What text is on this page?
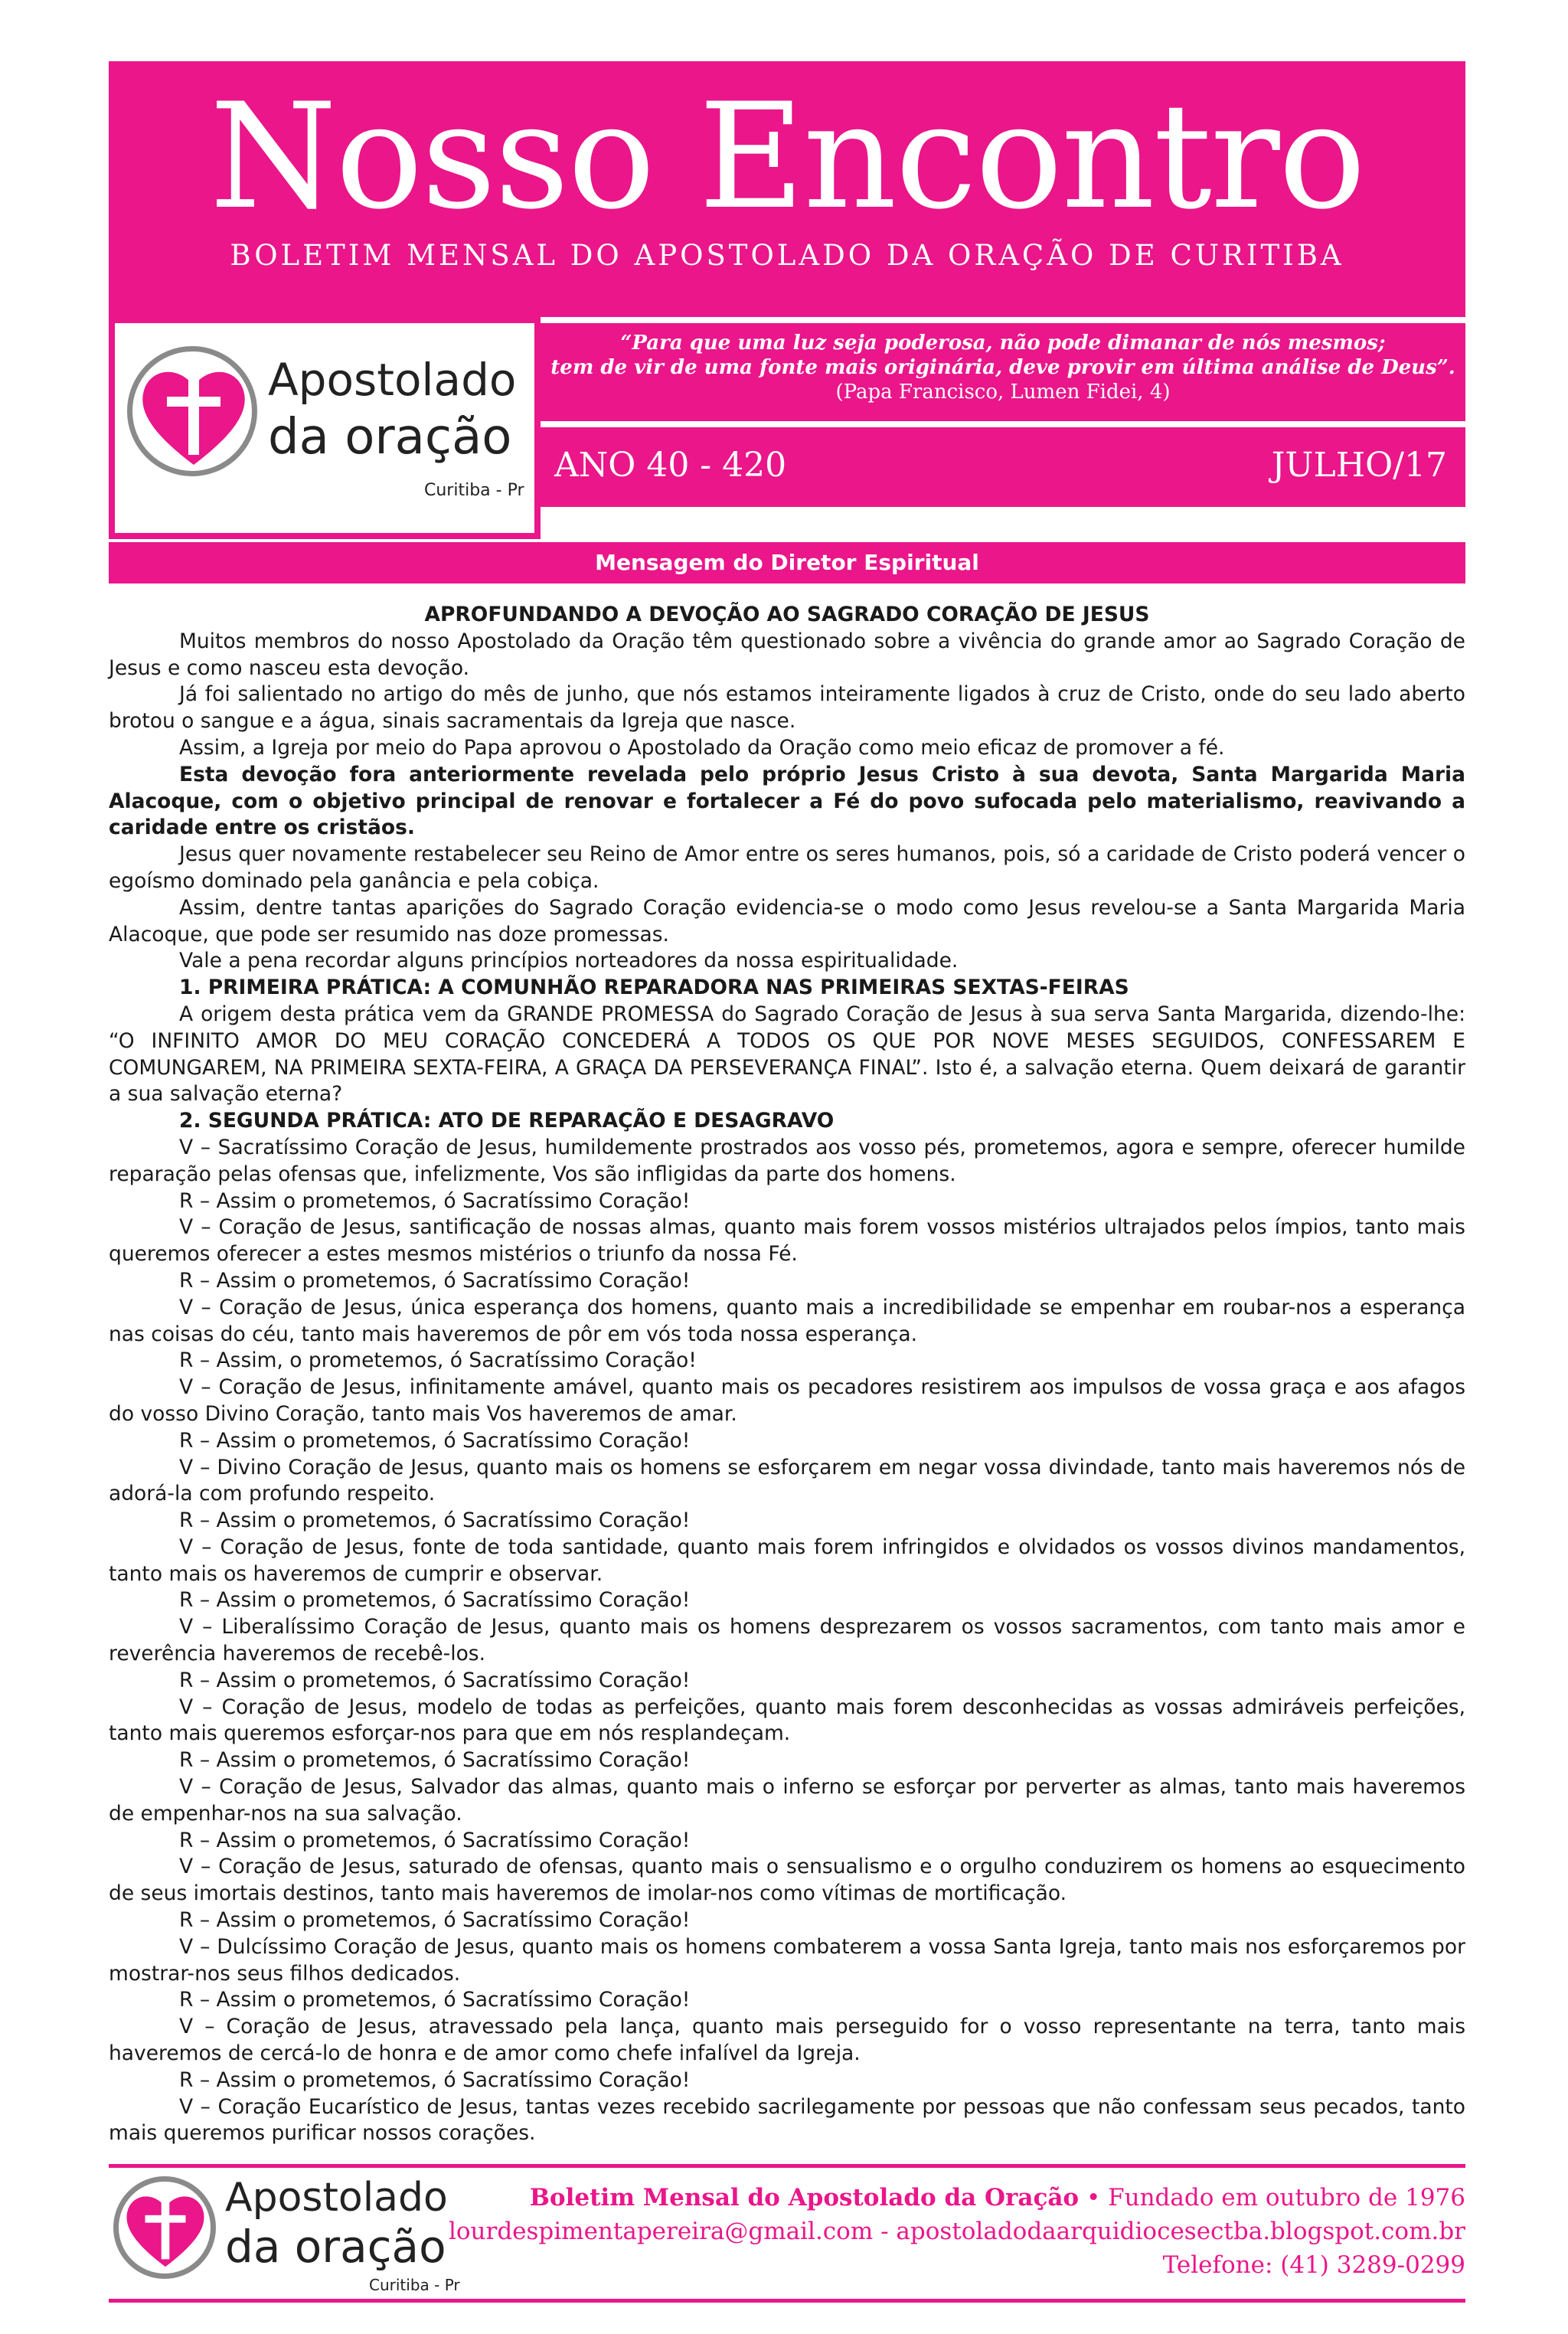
Nosso Encontro
BOLETIM MENSAL DO APOSTOLADO DA ORAÇÃO DE CURITIBA
Apostolado
da oração
Curitiba - Pr
“Para que uma luz seja poderosa, não pode dimanar de nós mesmos;
tem de vir de uma fonte mais originária, deve provir em última análise de Deus”.
(Papa Francisco, Lumen Fidei, 4)
ANO 40 - 420	JULHO/17
Mensagem do Diretor Espiritual
APROFUNDANDO A DEVOÇÃO AO SAGRADO CORAÇÃO DE JESUS

Muitos membros do nosso Apostolado da Oração têm questionado sobre a vivência do grande amor ao Sagrado Coração de Jesus e como nasceu esta devoção.

Já foi salientado no artigo do mês de junho, que nós estamos inteiramente ligados à cruz de Cristo, onde do seu lado aberto brotou o sangue e a água, sinais sacramentais da Igreja que nasce.

Assim, a Igreja por meio do Papa aprovou o Apostolado da Oração como meio eficaz de promover a fé.

Esta devoção fora anteriormente revelada pelo próprio Jesus Cristo à sua devota, Santa Margarida Maria Alacoque, com o objetivo principal de renovar e fortalecer a Fé do povo sufocada pelo materialismo, reavivando a caridade entre os cristãos.

Jesus quer novamente restabelecer seu Reino de Amor entre os seres humanos, pois, só a caridade de Cristo poderá vencer o egoísmo dominado pela ganância e pela cobiça.

Assim, dentre tantas aparições do Sagrado Coração evidencia-se o modo como Jesus revelou-se a Santa Margarida Maria Alacoque, que pode ser resumido nas doze promessas.

Vale a pena recordar alguns princípios norteadores da nossa espiritualidade.

1. PRIMEIRA PRÁTICA: A COMUNHÃO REPARADORA NAS PRIMEIRAS SEXTAS-FEIRAS

A origem desta prática vem da GRANDE PROMESSA do Sagrado Coração de Jesus à sua serva Santa Margarida, dizendo-lhe: “O INFINITO AMOR DO MEU CORAÇÃO CONCEDERÁ A TODOS OS QUE POR NOVE MESES SEGUIDOS, CONFESSAREM E COMUNGAREM, NA PRIMEIRA SEXTA-FEIRA, A GRAÇA DA PERSEVERANÇA FINAL”. Isto é, a salvação eterna. Quem deixará de garantir a sua salvação eterna?

2. SEGUNDA PRÁTICA: ATO DE REPARAÇÃO E DESAGRAVO

V – Sacratíssimo Coração de Jesus, humildemente prostrados aos vosso pés, prometemos, agora e sempre, oferecer humilde reparação pelas ofensas que, infelizmente, Vos são infligidas da parte dos homens.

R – Assim o prometemos, ó Sacratíssimo Coração!

V – Coração de Jesus, santificação de nossas almas, quanto mais forem vossos mistérios ultrajados pelos ímpios, tanto mais queremos oferecer a estes mesmos mistérios o triunfo da nossa Fé.

R – Assim o prometemos, ó Sacratíssimo Coração!

V – Coração de Jesus, única esperança dos homens, quanto mais a incredibilidade se empenhar em roubar-nos a esperança nas coisas do céu, tanto mais haveremos de pôr em vós toda nossa esperança.

R – Assim, o prometemos, ó Sacratíssimo Coração!

V – Coração de Jesus, infinitamente amável, quanto mais os pecadores resistirem aos impulsos de vossa graça e aos afagos do vosso Divino Coração, tanto mais Vos haveremos de amar.

R – Assim o prometemos, ó Sacratíssimo Coração!

V – Divino Coração de Jesus, quanto mais os homens se esforçarem em negar vossa divindade, tanto mais haveremos nós de adorá-la com profundo respeito.

R – Assim o prometemos, ó Sacratíssimo Coração!

V – Coração de Jesus, fonte de toda santidade, quanto mais forem infringidos e olvidados os vossos divinos mandamentos, tanto mais os haveremos de cumprir e observar.

R – Assim o prometemos, ó Sacratíssimo Coração!

V – Liberalíssimo Coração de Jesus, quanto mais os homens desprezarem os vossos sacramentos, com tanto mais amor e reverência haveremos de recebê-los.

R – Assim o prometemos, ó Sacratíssimo Coração!

V – Coração de Jesus, modelo de todas as perfeições, quanto mais forem desconhecidas as vossas admiráveis perfeições, tanto mais queremos esforçar-nos para que em nós resplandeçam.

R – Assim o prometemos, ó Sacratíssimo Coração!

V – Coração de Jesus, Salvador das almas, quanto mais o inferno se esforçar por perverter as almas, tanto mais haveremos de empenhar-nos na sua salvação.

R – Assim o prometemos, ó Sacratíssimo Coração!

V – Coração de Jesus, saturado de ofensas, quanto mais o sensualismo e o orgulho conduzirem os homens ao esquecimento de seus imortais destinos, tanto mais haveremos de imolar-nos como vítimas de mortificação.

R – Assim o prometemos, ó Sacratíssimo Coração!

V – Dulcíssimo Coração de Jesus, quanto mais os homens combaterem a vossa Santa Igreja, tanto mais nos esforçaremos por mostrar-nos seus filhos dedicados.

R – Assim o prometemos, ó Sacratíssimo Coração!

V – Coração de Jesus, atravessado pela lança, quanto mais perseguido for o vosso representante na terra, tanto mais haveremos de cercá-lo de honra e de amor como chefe infalível da Igreja.

R – Assim o prometemos, ó Sacratíssimo Coração!

V – Coração Eucarístico de Jesus, tantas vezes recebido sacrilegamente por pessoas que não confessam seus pecados, tanto mais queremos purificar nossos corações.

Apostolado
da oração
Curitiba - Pr
Boletim Mensal do Apostolado da Oração • Fundado em outubro de 1976
lourdespimentapereira@gmail.com - apostoladodaarquidiocesectba.blogspot.com.br
Telefone: (41) 3289-0299
